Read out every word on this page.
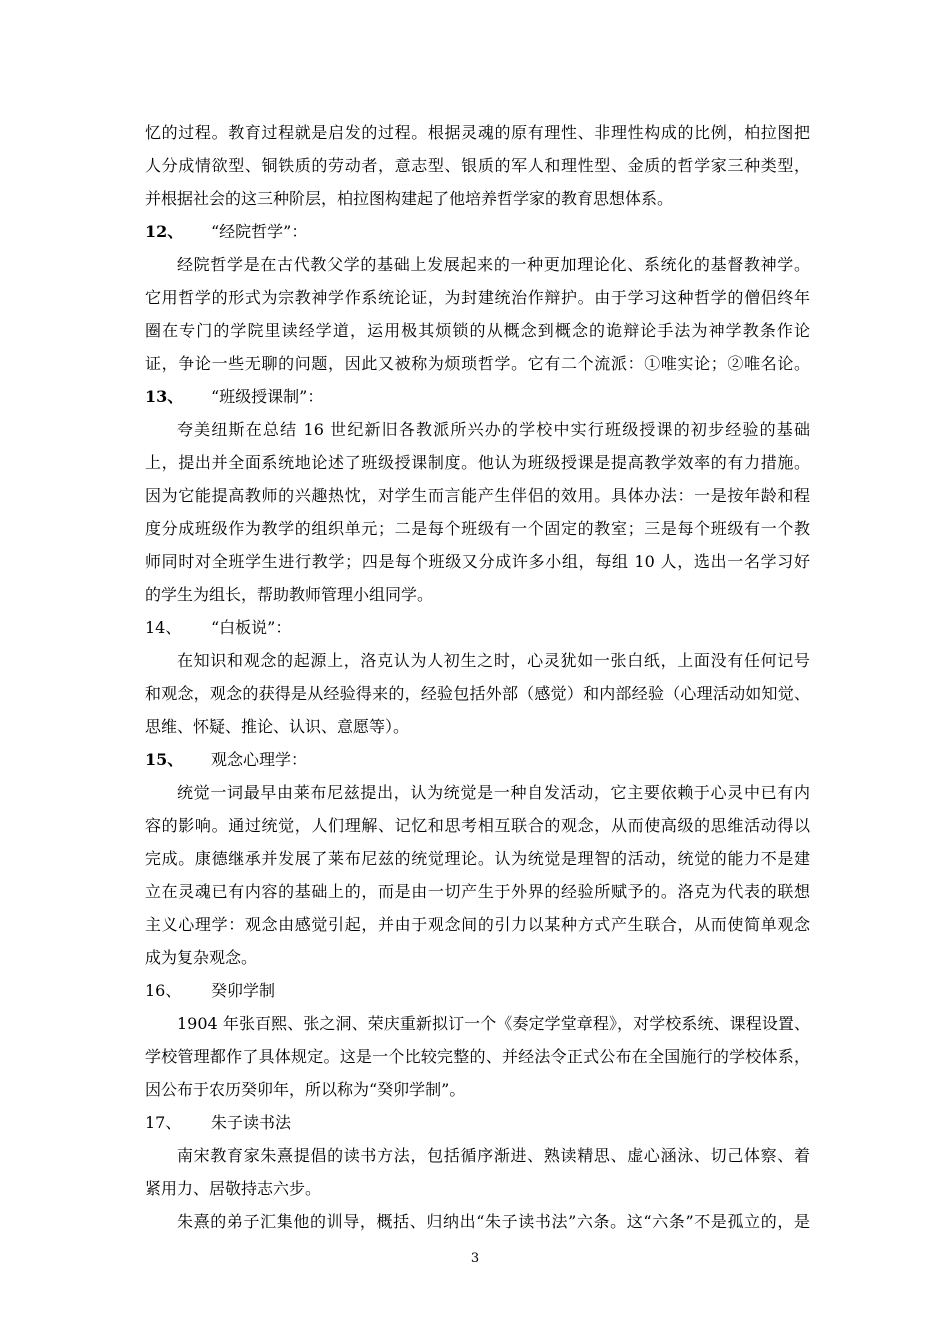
忆的过程。教育过程就是启发的过程。根据灵魂的原有理性、非理性构成的比例，柏拉图把
人分成情欲型、铜铁质的劳动者，意志型、银质的军人和理性型、金质的哲学家三种类型，
并根据社会的这三种阶层，柏拉图构建起了他培养哲学家的教育思想体系。
12、	“经院哲学”：
经院哲学是在古代教父学的基础上发展起来的一种更加理论化、系统化的基督教神学。
它用哲学的形式为宗教神学作系统论证，为封建统治作辩护。由于学习这种哲学的僧侣终年
圈在专门的学院里读经学道，运用极其烦锁的从概念到概念的诡辩论手法为神学教条作论
证，争论一些无聊的问题，因此又被称为烦琐哲学。它有二个流派：①唯实论；②唯名论。
13、	“班级授课制”：
夸美纽斯在总结 16 世纪新旧各教派所兴办的学校中实行班级授课的初步经验的基础
上，提出并全面系统地论述了班级授课制度。他认为班级授课是提高教学效率的有力措施。
因为它能提高教师的兴趣热忱，对学生而言能产生伴侣的效用。具体办法：一是按年龄和程
度分成班级作为教学的组织单元；二是每个班级有一个固定的教室；三是每个班级有一个教
师同时对全班学生进行教学；四是每个班级又分成许多小组，每组 10 人，选出一名学习好
的学生为组长，帮助教师管理小组同学。
14、	“白板说”：
在知识和观念的起源上，洛克认为人初生之时，心灵犹如一张白纸，上面没有任何记号
和观念，观念的获得是从经验得来的，经验包括外部（感觉）和内部经验（心理活动如知觉、
思维、怀疑、推论、认识、意愿等）。
15、	观念心理学：
统觉一词最早由莱布尼兹提出，认为统觉是一种自发活动，它主要依赖于心灵中已有内
容的影响。通过统觉，人们理解、记忆和思考相互联合的观念，从而使高级的思维活动得以
完成。康德继承并发展了莱布尼兹的统觉理论。认为统觉是理智的活动，统觉的能力不是建
立在灵魂已有内容的基础上的，而是由一切产生于外界的经验所赋予的。洛克为代表的联想
主义心理学：观念由感觉引起，并由于观念间的引力以某种方式产生联合，从而使简单观念
成为复杂观念。
16、	癸卯学制
1904 年张百熙、张之洞、荣庆重新拟订一个《奏定学堂章程》，对学校系统、课程设置、
学校管理都作了具体规定。这是一个比较完整的、并经法令正式公布在全国施行的学校体系，
因公布于农历癸卯年，所以称为“癸卯学制”。
17、	朱子读书法
南宋教育家朱熹提倡的读书方法，包括循序渐进、熟读精思、虚心涵泳、切己体察、着
紧用力、居敬持志六步。
朱熹的弟子汇集他的训导，概括、归纳出“朱子读书法”六条。这“六条”不是孤立的，是
3
